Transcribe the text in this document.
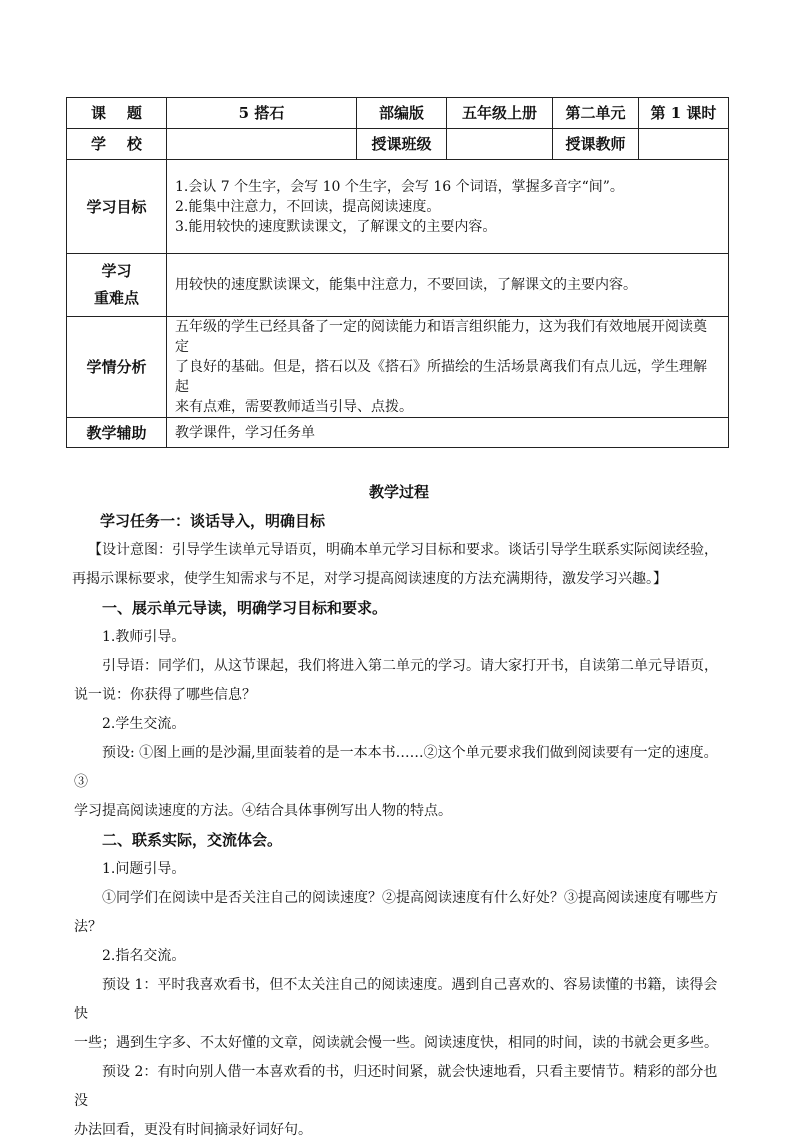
课    题	5 搭石	部编版	五年级上册	第二单元	第 1 课时
学    校		授课班级		授课教师	
学习目标	1.会认 7 个生字，会写 10 个生字，会写 16 个词语，掌握多音字“间”。
2.能集中注意力，不回读，提高阅读速度。
3.能用较快的速度默读课文，了解课文的主要内容。				

学习
重难点	用较快的速度默读课文，能集中注意力，不要回读，了解课文的主要内容。				
学情分析	五年级的学生已经具备了一定的阅读能力和语言组织能力，这为我们有效地展开阅读奠定
了良好的基础。但是，搭石以及《搭石》所描绘的生活场景离我们有点儿远，学生理解起
来有点难，需要教师适当引导、点拨。				

教学辅助	教学课件，学习任务单				

教学过程

学习任务一：谈话导入，明确目标

【设计意图：引导学生读单元导语页，明确本单元学习目标和要求。谈话引导学生联系实际阅读经验，
再揭示课标要求，使学生知需求与不足，对学习提高阅读速度的方法充满期待，激发学习兴趣。】

一、展示单元导读，明确学习目标和要求。

1.教师引导。

引导语：同学们，从这节课起，我们将进入第二单元的学习。请大家打开书，自读第二单元导语页，
说一说：你获得了哪些信息？

2.学生交流。

预设: ①图上画的是沙漏,里面装着的是一本本书……②这个单元要求我们做到阅读要有一定的速度。③
学习提高阅读速度的方法。④结合具体事例写出人物的特点。

二、联系实际，交流体会。

1.问题引导。

①同学们在阅读中是否关注自己的阅读速度？②提高阅读速度有什么好处？③提高阅读速度有哪些方
法？

2.指名交流。

预设 1：平时我喜欢看书，但不太关注自己的阅读速度。遇到自己喜欢的、容易读懂的书籍，读得会快
一些；遇到生字多、不太好懂的文章，阅读就会慢一些。阅读速度快，相同的时间，读的书就会更多些。

预设 2：有时向别人借一本喜欢看的书，归还时间紧，就会快速地看，只看主要情节。精彩的部分也没
办法回看，更没有时间摘录好词好句。
